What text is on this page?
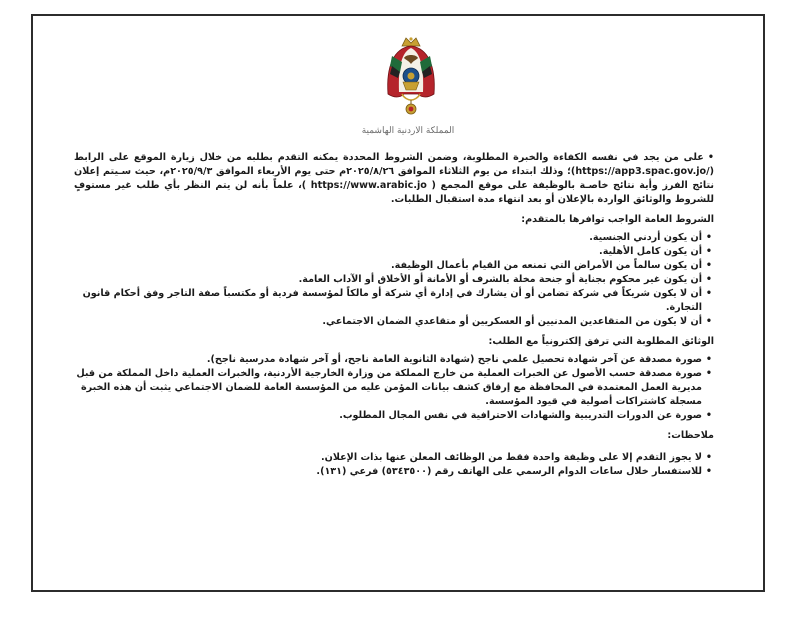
المملكة الأردنية الهاشمية

•على من يجد في نفسه الكفاءة والخبرة المطلوبة، وضمن الشروط المحددة يمكنه التقدم بطلبه من خلال زيارة الموقع على الرابط (/https://app3.spac.gov.jo)؛ وذلك ابتداء من يوم الثلاثاء الموافق ٢٠٢٥/٨/٢٦م حتى يوم الأربعاء الموافق ٢٠٢٥/٩/٣م، حيث سـيتم إعلان نتائج الفرز وأية نتائج خاصـة بالوظيفة على موقع المجمع ( https://www.arabic.jo )، علماً بأنه لن يتم النظر بأي طلب غير مستوفٍ للشروط والوثائق الواردة بالإعلان أو بعد انتهاء مدة استقبال الطلبات.

الشروط العامة الواجب توافرها بالمتقدم:
• أن يكون أردني الجنسية.
• أن يكون كامل الأهلية.
• أن يكون سالماً من الأمراض التي تمنعه من القيام بأعمال الوظيفة.
• أن يكون غير محكوم بجناية أو جنحة مخلة بالشرف أو الأمانة أو الأخلاق أو الآداب العامة.
• أن لا يكون شريكاً في شركة تضامن أو أن يشارك في إدارة أي شركة أو مالكاً لمؤسسة فردية أو مكتسباً صفة التاجر وفق أحكام قانون التجارة.
• أن لا يكون من المتقاعدين المدنيين أو العسكريين أو متقاعدي الضمان الاجتماعي.
الوثائق المطلوبة التي ترفق إلكترونياً مع الطلب:
• صورة مصدقة عن آخر شهادة تحصيل علمي ناجح (شهادة الثانوية العامة ناجح، أو آخر شهادة مدرسية ناجح).
• صورة مصدقة حسب الأصول عن الخبرات العملية من خارج المملكة من وزارة الخارجية الأردنية، والخبرات العملية داخل المملكة من قبل مديرية العمل المعتمدة في المحافظة مع إرفاق كشف بيانات المؤمن عليه من المؤسسة العامة للضمان الاجتماعي يثبت أن هذه الخبرة مسجلة كاشتراكات أصولية في قيود المؤسسة.
• صورة عن الدورات التدريبية والشهادات الاحترافية في نفس المجال المطلوب.
ملاحظات:
• لا يجوز التقدم إلا على وظيفة واحدة فقط من الوظائف المعلن عنها بذات الإعلان.
• للاستفسار خلال ساعات الدوام الرسمي على الهاتف رقم (٥٣٤٣٥٠٠) فرعي (١٣١).
